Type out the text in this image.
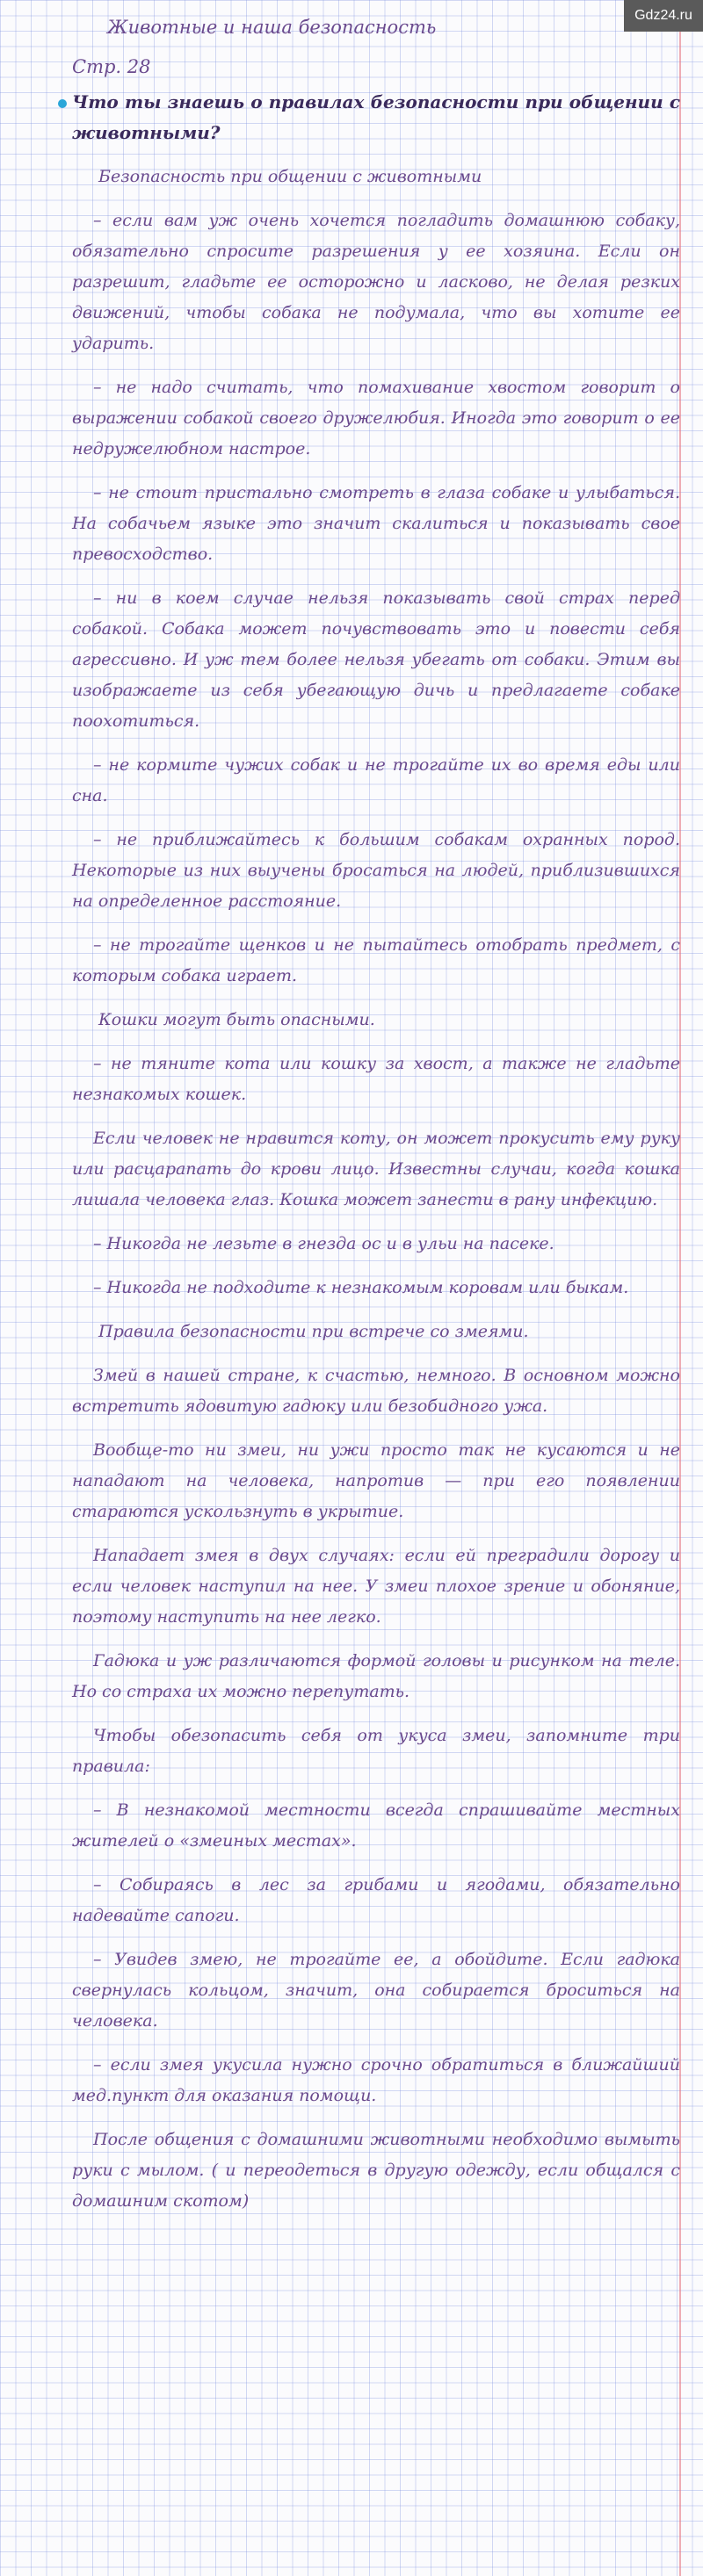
Gdz24.ru

Животные и наша безопасность

Стр. 28

Что ты знаешь о правилах безопасности при общении с животными?

Безопасность при общении с животными

– если вам уж очень хочется погладить домашнюю собаку, обязательно спросите разрешения у ее хозяина. Если он разрешит, гладьте ее осторожно и ласково, не делая резких движений, чтобы собака не подумала, что вы хотите ее ударить.

– не надо считать, что помахивание хвостом говорит о выражении собакой своего дружелюбия. Иногда это говорит о ее недружелюбном настрое.

– не стоит пристально смотреть в глаза собаке и улыбаться. На собачьем языке это значит скалиться и показывать свое превосходство.

– ни в коем случае нельзя показывать свой страх перед собакой. Собака может почувствовать это и повести себя агрессивно. И уж тем более нельзя убегать от собаки. Этим вы изображаете из себя убегающую дичь и предлагаете собаке поохотиться.

– не кормите чужих собак и не трогайте их во время еды или сна.

– не приближайтесь к большим собакам охранных пород. Некоторые из них выучены бросаться на людей, приблизившихся на определенное расстояние.

– не трогайте щенков и не пытайтесь отобрать предмет, с которым собака играет.

Кошки могут быть опасными.

– не тяните кота или кошку за хвост, а также не гладьте незнакомых кошек.

Если человек не нравится коту, он может прокусить ему руку или расцарапать до крови лицо. Известны случаи, когда кошка лишала человека глаз. Кошка может занести в рану инфекцию.

– Никогда не лезьте в гнезда ос и в ульи на пасеке.

– Никогда не подходите к незнакомым коровам или быкам.

Правила безопасности при встрече со змеями.

Змей в нашей стране, к счастью, немного. В основном можно встретить ядовитую гадюку или безобидного ужа.

Вообще-то ни змеи, ни ужи просто так не кусаются и не нападают на человека, напротив — при его появлении стараются ускользнуть в укрытие.

Нападает змея в двух случаях: если ей преградили дорогу и если человек наступил на нее. У змеи плохое зрение и обоняние, поэтому наступить на нее легко.

Гадюка и уж различаются формой головы и рисунком на теле. Но со страха их можно перепутать.

Чтобы обезопасить себя от укуса змеи, запомните три правила:

– В незнакомой местности всегда спрашивайте местных жителей о «змеиных местах».

– Собираясь в лес за грибами и ягодами, обязательно надевайте сапоги.

– Увидев змею, не трогайте ее, а обойдите. Если гадюка свернулась кольцом, значит, она собирается броситься на человека.

– если змея укусила нужно срочно обратиться в ближайший мед.пункт для оказания помощи.

После общения с домашними животными необходимо вымыть руки с мылом. ( и переодеться в другую одежду, если общался с домашним скотом)
